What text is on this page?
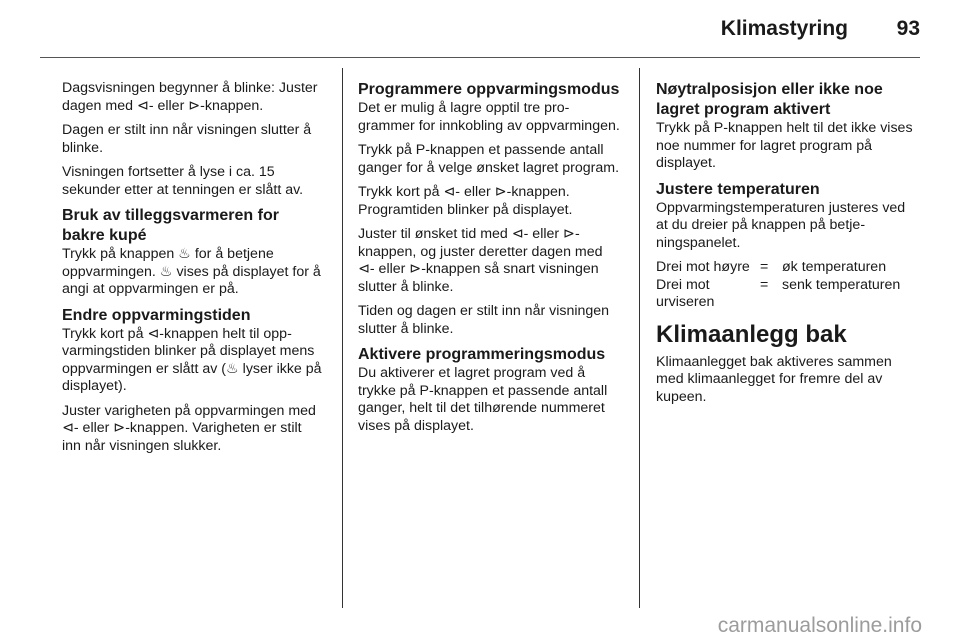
Klimastyring 93

Dagsvisningen begynner å blinke: Juster dagen med ⊲- eller ⊳-knappen.

Dagen er stilt inn når visningen slutter å blinke.

Visningen fortsetter å lyse i ca. 15 sekunder etter at tenningen er slått av.

Bruk av tilleggsvarmeren for bakre kupé

Trykk på knappen ♨ for å betjene oppvarmingen. ♨ vises på displayet for å angi at oppvarmingen er på.

Endre oppvarmingstiden

Trykk kort på ⊲-knappen helt til oppvarmingstiden blinker på displayet mens oppvarmingen er slått av (♨ lyser ikke på displayet).

Juster varigheten på oppvarmingen med ⊲- eller ⊳-knappen. Varigheten er stilt inn når visningen slukker.

Programmere oppvarmingsmodus

Det er mulig å lagre opptil tre programmer for innkobling av oppvarmingen.

Trykk på P-knappen et passende antall ganger for å velge ønsket lagret program.

Trykk kort på ⊲- eller ⊳-knappen. Programtiden blinker på displayet.

Juster til ønsket tid med ⊲- eller ⊳-knappen, og juster deretter dagen med ⊲- eller ⊳-knappen så snart visningen slutter å blinke.

Tiden og dagen er stilt inn når visningen slutter å blinke.

Aktivere programmeringsmodus

Du aktiverer et lagret program ved å trykke på P-knappen et passende antall ganger, helt til det tilhørende nummeret vises på displayet.

Nøytralposisjon eller ikke noe lagret program aktivert

Trykk på P-knappen helt til det ikke vises noe nummer for lagret program på displayet.

Justere temperaturen

Oppvarmingstemperaturen justeres ved at du dreier på knappen på betjeningspanelet.

Drei mot høyre = øk temperaturen
Drei mot urviseren
= senk temperaturen
Klimaanlegg bak

Klimaanlegget bak aktiveres sammen med klimaanlegget for fremre del av kupeen.

carmanualsonline.info
